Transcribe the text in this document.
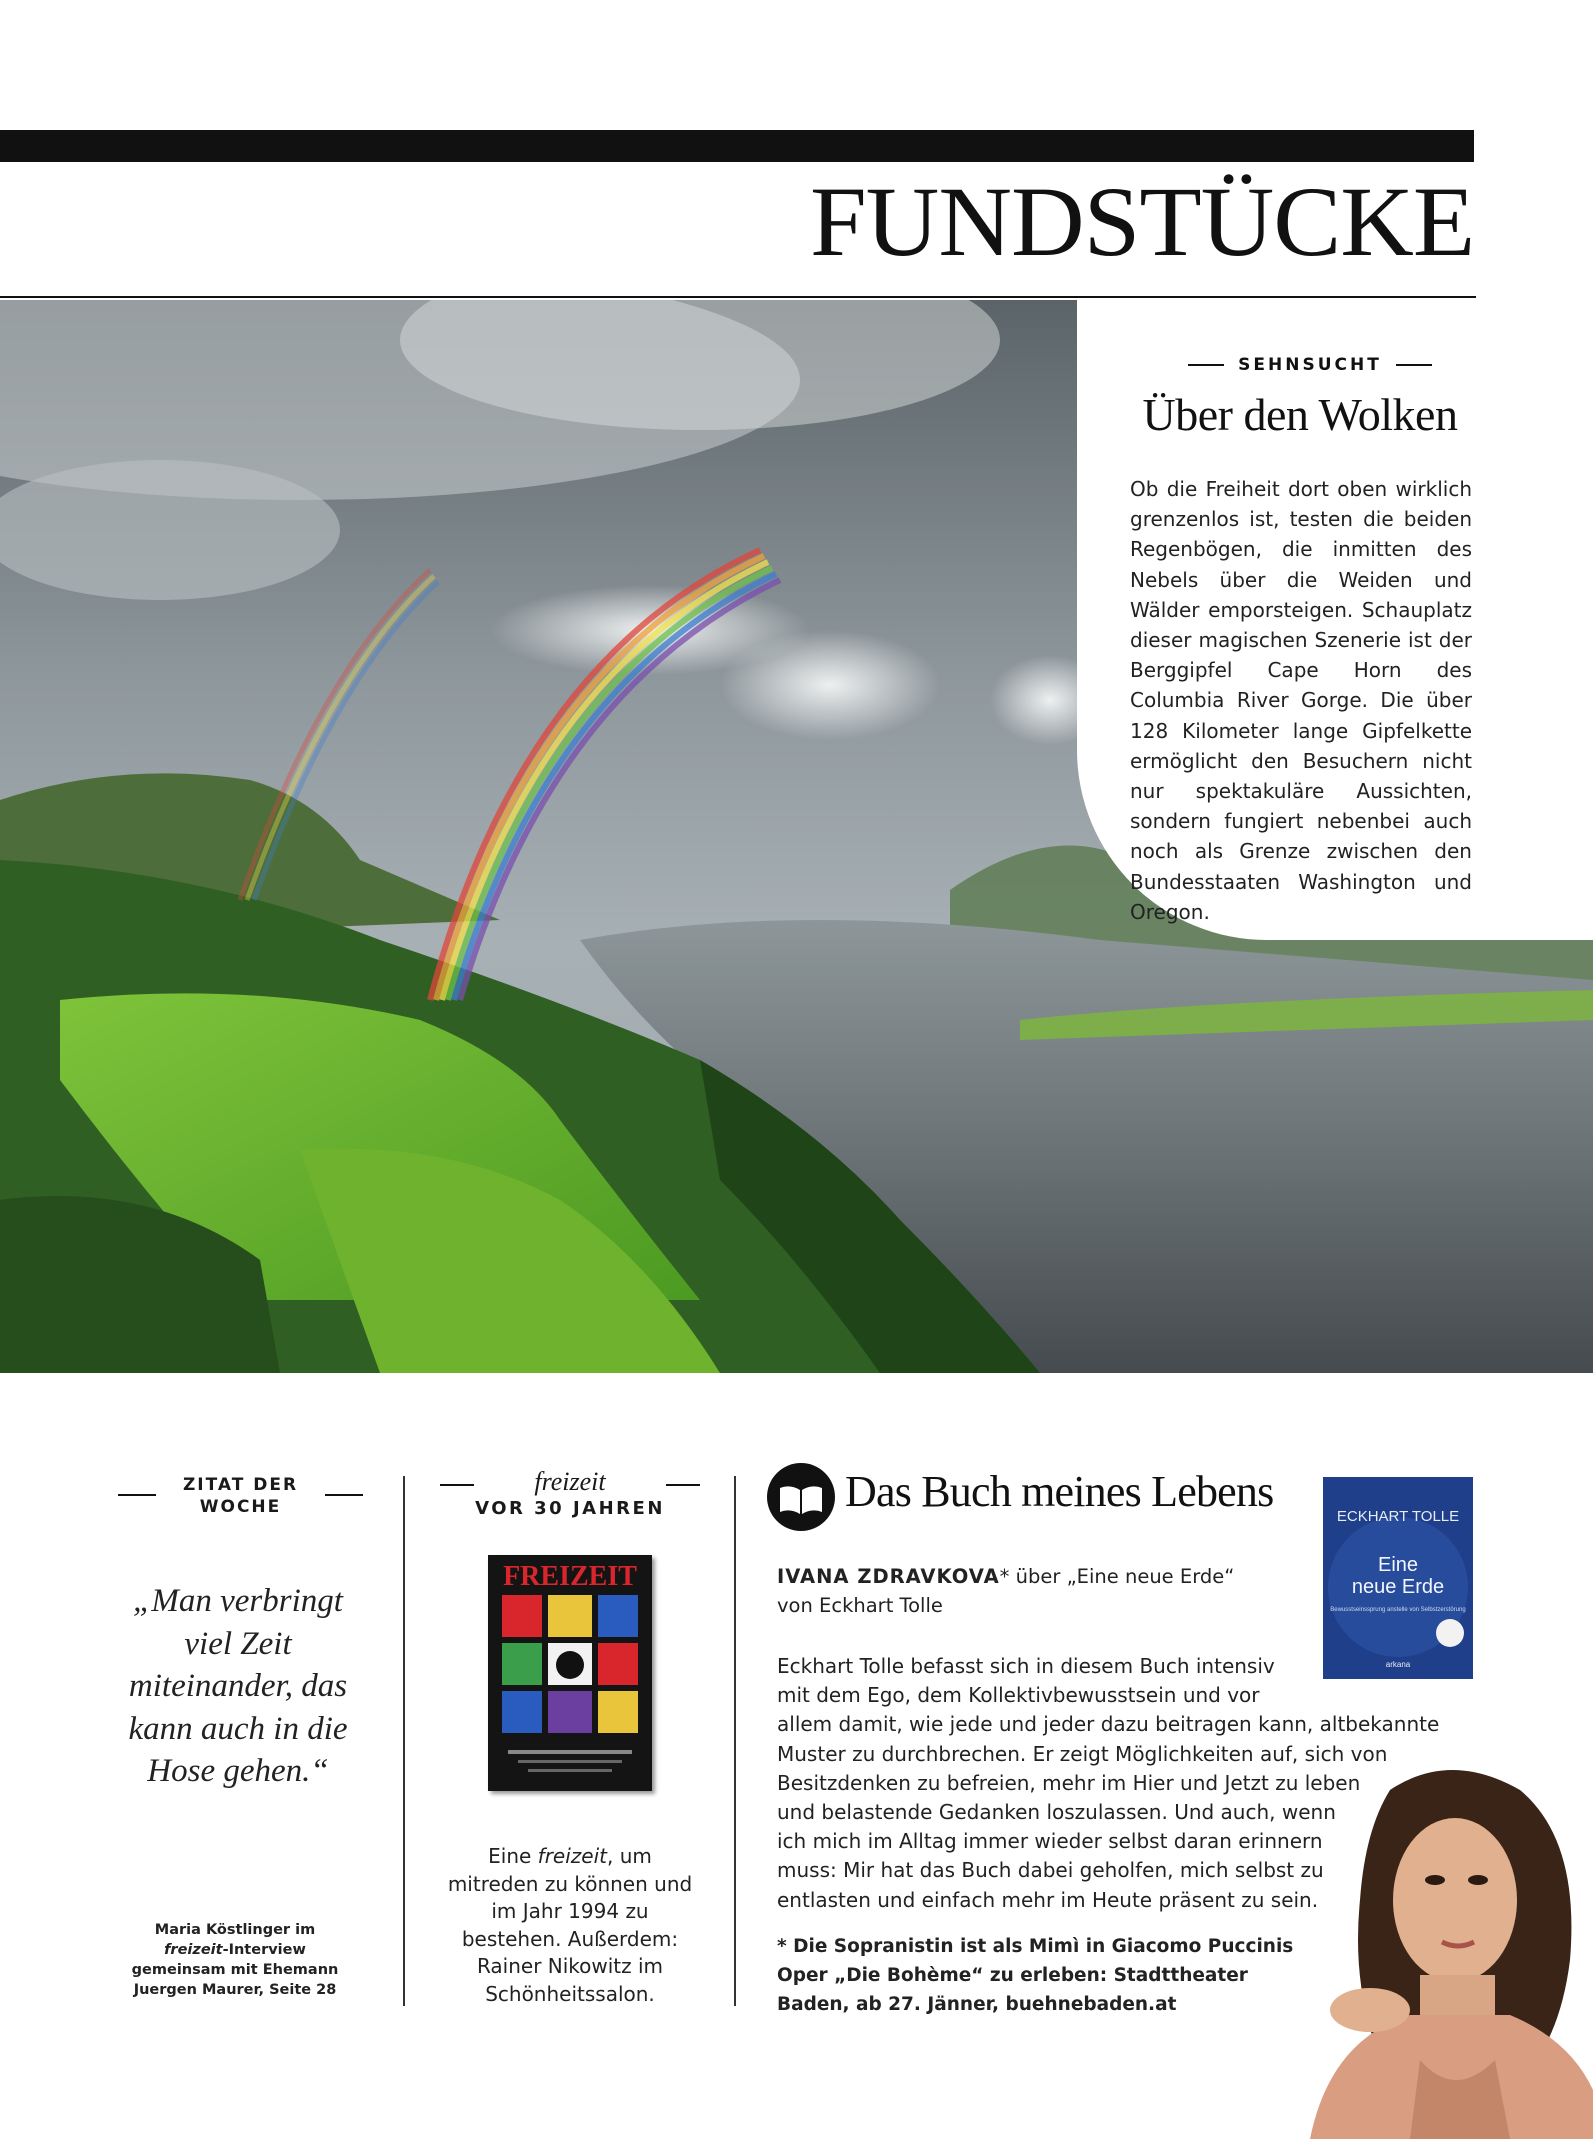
FUNDSTÜCKE
SEHNSUCHT
Über den Wolken
Ob die Freiheit dort oben wirklich grenzenlos ist, testen die beiden Regenbögen, die inmitten des Nebels über die Weiden und Wälder emporsteigen. Schauplatz dieser magischen Szenerie ist der Berggipfel Cape Horn des Columbia River Gorge. Die über 128 Kilometer lange Gipfelkette ermöglicht den Besuchern nicht nur spektakuläre Aussichten, sondern fungiert nebenbei auch noch als Grenze zwischen den Bundesstaaten Washington und Oregon.
ZITAT DER WOCHE
„Man verbringt viel Zeit miteinander, das kann auch in die Hose gehen.“
Maria Köstlinger im
freizeit-Interview gemeinsam mit Ehemann Juergen Maurer, Seite 28
freizeit
VOR 30 JAHREN
FREIZEIT
Eine freizeit, um mitreden zu können und im Jahr 1994 zu bestehen. Außerdem: Rainer Nikowitz im Schönheitssalon.
Das Buch meines Lebens
ECKHART TOLLE
Eine
neue Erde
Bewusstseinssprung anstelle von Selbstzerstörung
arkana
IVANA ZDRAVKOVA* über „Eine neue Erde“
von Eckhart Tolle
Eckhart Tolle befasst sich in diesem Buch intensiv
mit dem Ego, dem Kollektivbewusstsein und vor
allem damit, wie jede und jeder dazu beitragen kann, altbekannte
Muster zu durchbrechen. Er zeigt Möglichkeiten auf, sich von
Besitzdenken zu befreien, mehr im Hier und Jetzt zu leben
und belastende Gedanken loszulassen. Und auch, wenn
ich mich im Alltag immer wieder selbst daran erinnern
muss: Mir hat das Buch dabei geholfen, mich selbst zu
entlasten und einfach mehr im Heute präsent zu sein.
* Die Sopranistin ist als Mimì in Giacomo Puccinis Oper „Die Bohème“ zu erleben: Stadttheater Baden, ab 27. Jänner, buehnebaden.at
